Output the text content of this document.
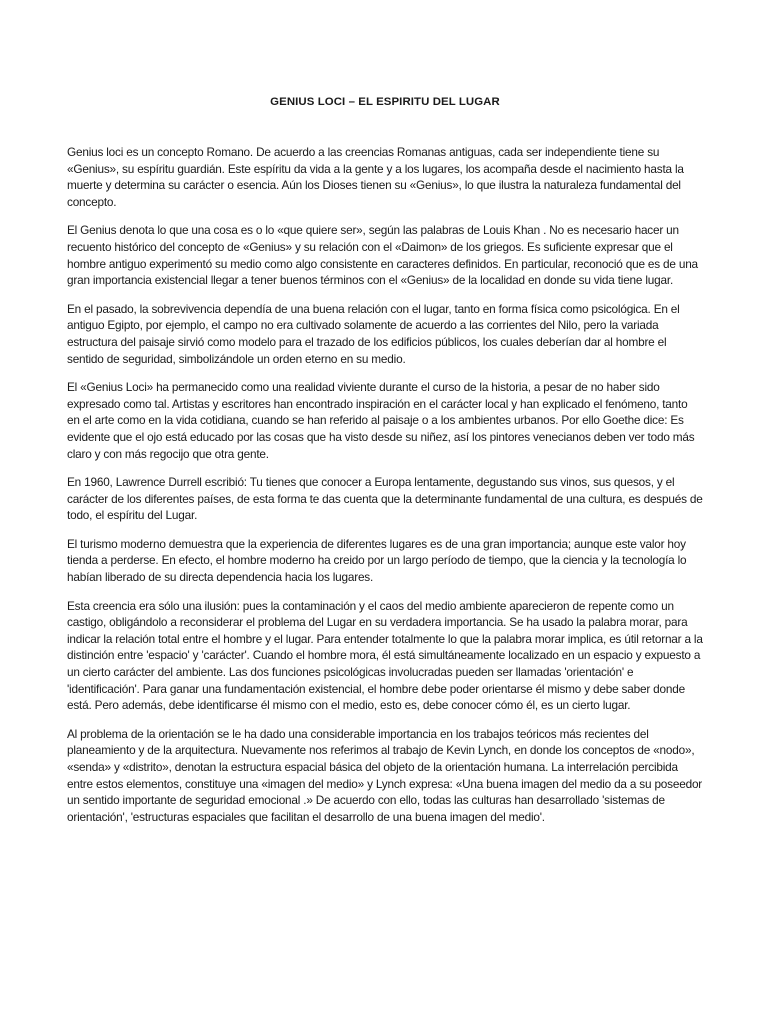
GENIUS LOCI – EL ESPIRITU DEL LUGAR

Genius loci es un concepto Romano. De acuerdo a las creencias Romanas antiguas, cada ser independiente tiene su «Genius», su espíritu guardián. Este espíritu da vida a la gente y a los lugares, los acompaña desde el nacimiento hasta la muerte y determina su carácter o esencia. Aún los Dioses tienen su «Genius», lo que ilustra la naturaleza fundamental del concepto.

El Genius denota lo que una cosa es o lo «que quiere ser», según las palabras de Louis Khan . No es necesario hacer un recuento histórico del concepto de «Genius» y su relación con el «Daimon» de los griegos. Es suficiente expresar que el hombre antiguo experimentó su medio como algo consistente en caracteres definidos. En particular, reconoció que es de una gran importancia existencial llegar a tener buenos términos con el «Genius» de la localidad en donde su vida tiene lugar.

En el pasado, la sobrevivencia dependía de una buena relación con el lugar, tanto en forma física como psicológica. En el antiguo Egipto, por ejemplo, el campo no era cultivado solamente de acuerdo a las corrientes del Nilo, pero la variada estructura del paisaje sirvió como modelo para el trazado de los edificios públicos, los cuales deberían dar al hombre el sentido de seguridad, simbolizándole un orden eterno en su medio.

El «Genius Loci» ha permanecido como una realidad viviente durante el curso de la historia, a pesar de no haber sido expresado como tal. Artistas y escritores han encontrado inspiración en el carácter local y han explicado el fenómeno, tanto en el arte como en la vida cotidiana, cuando se han referido al paisaje o a los ambientes urbanos. Por ello Goethe dice: Es evidente que el ojo está educado por las cosas que ha visto desde su niñez, así los pintores venecianos deben ver todo más claro y con más regocijo que otra gente.

En 1960, Lawrence Durrell escribió: Tu tienes que conocer a Europa lentamente, degustando sus vinos, sus quesos, y el carácter de los diferentes países, de esta forma te das cuenta que la determinante fundamental de una cultura, es después de todo, el espíritu del Lugar.

El turismo moderno demuestra que la experiencia de diferentes lugares es de una gran importancia; aunque este valor hoy tienda a perderse. En efecto, el hombre moderno ha creido por un largo período de tiempo, que la ciencia y la tecnología lo habían liberado de su directa dependencia hacia los lugares.

Esta creencia era sólo una ilusión: pues la contaminación y el caos del medio ambiente aparecieron de repente como un castigo, obligándolo a reconsiderar el problema del Lugar en su verdadera importancia. Se ha usado la palabra morar, para indicar la relación total entre el hombre y el lugar. Para entender totalmente lo que la palabra morar implica, es útil retornar a la distinción entre 'espacio' y 'carácter'. Cuando el hombre mora, él está simultáneamente localizado en un espacio y expuesto a un cierto carácter del ambiente. Las dos funciones psicológicas involucradas pueden ser llamadas 'orientación' e 'identificación'. Para ganar una fundamentación existencial, el hombre debe poder orientarse él mismo y debe saber donde está. Pero además, debe identificarse él mismo con el medio, esto es, debe conocer cómo él, es un cierto lugar.

Al problema de la orientación se le ha dado una considerable importancia en los trabajos teóricos más recientes del planeamiento y de la arquitectura. Nuevamente nos referimos al trabajo de Kevin Lynch, en donde los conceptos de «nodo», «senda» y «distrito», denotan la estructura espacial básica del objeto de la orientación humana. La interrelación percibida entre estos elementos, constituye una «imagen del medio» y Lynch expresa: «Una buena imagen del medio da a su poseedor un sentido importante de seguridad emocional .» De acuerdo con ello, todas las culturas han desarrollado 'sistemas de orientación', 'estructuras espaciales que facilitan el desarrollo de una buena imagen del medio'.
